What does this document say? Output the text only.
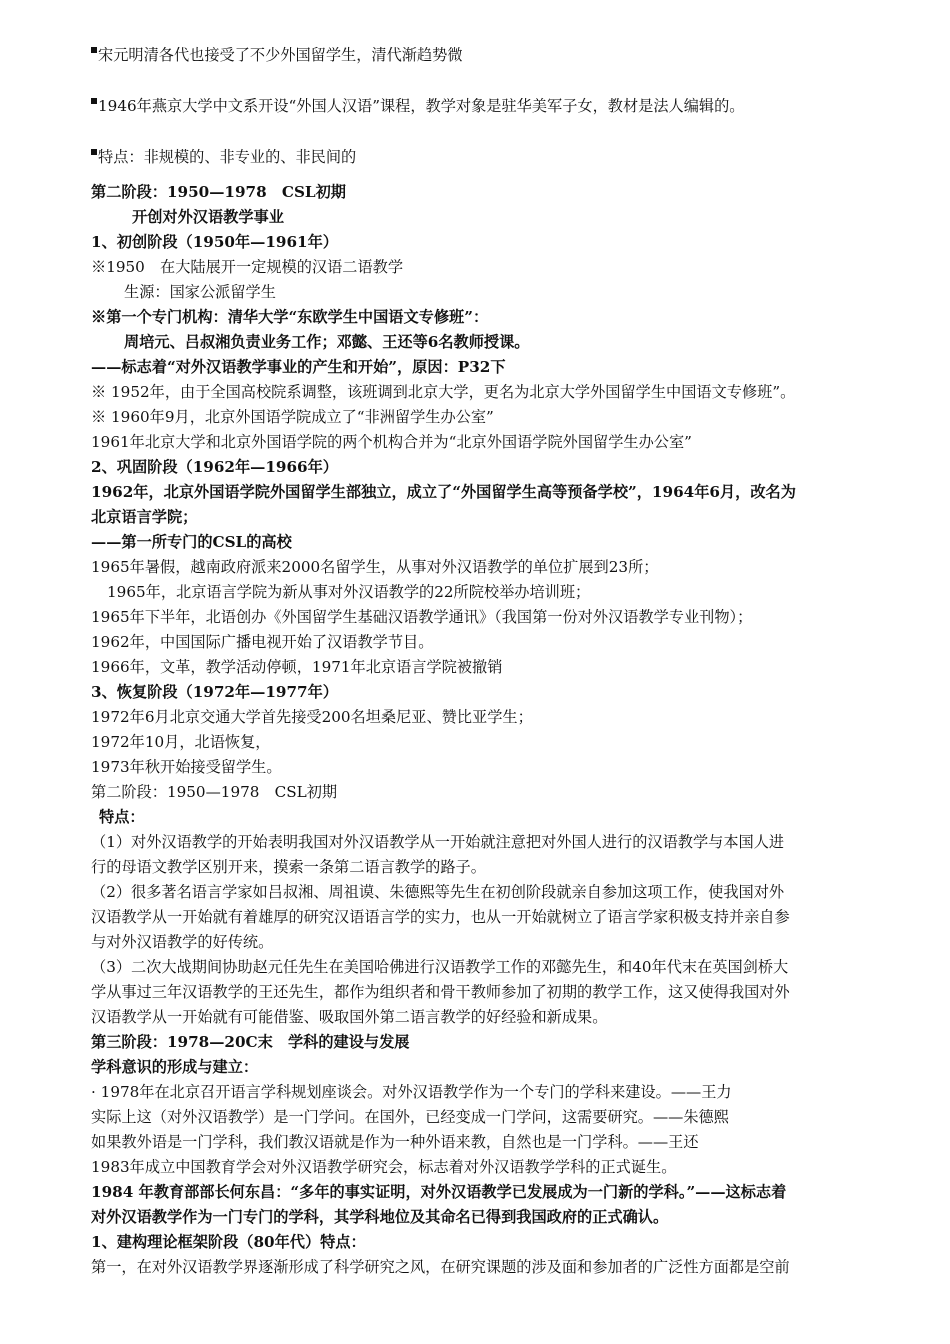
宋元明清各代也接受了不少外国留学生，清代渐趋势微
1946年燕京大学中文系开设“外国人汉语”课程，教学对象是驻华美军子女，教材是法人编辑的。
特点：非规模的、非专业的、非民间的
第二阶段：1950—1978　CSL初期
开创对外汉语教学事业
1、初创阶段（1950年—1961年）
※1950　在大陆展开一定规模的汉语二语教学
生源：国家公派留学生
※第一个专门机构：清华大学“东欧学生中国语文专修班”：
周培元、吕叔湘负责业务工作；邓懿、王还等6名教师授课。
——标志着“对外汉语教学事业的产生和开始”，原因：P32下
※ 1952年，由于全国高校院系调整，该班调到北京大学，更名为北京大学外国留学生中国语文专修班”。
※ 1960年9月，北京外国语学院成立了“非洲留学生办公室”
1961年北京大学和北京外国语学院的两个机构合并为“北京外国语学院外国留学生办公室”
2、巩固阶段（1962年—1966年）
1962年，北京外国语学院外国留学生部独立，成立了“外国留学生高等预备学校”，1964年6月，改名为
北京语言学院；
——第一所专门的CSL的高校
1965年暑假，越南政府派来2000名留学生，从事对外汉语教学的单位扩展到23所；
1965年，北京语言学院为新从事对外汉语教学的22所院校举办培训班；
1965年下半年，北语创办《外国留学生基础汉语教学通讯》（我国第一份对外汉语教学专业刊物）；
1962年，中国国际广播电视开始了汉语教学节目。
1966年，文革，教学活动停顿，1971年北京语言学院被撤销
3、恢复阶段（1972年—1977年）
1972年6月北京交通大学首先接受200名坦桑尼亚、赞比亚学生；
1972年10月，北语恢复，
1973年秋开始接受留学生。
第二阶段：1950—1978　CSL初期
特点：
（1）对外汉语教学的开始表明我国对外汉语教学从一开始就注意把对外国人进行的汉语教学与本国人进
行的母语文教学区别开来，摸索一条第二语言教学的路子。
（2）很多著名语言学家如吕叔湘、周祖谟、朱德熙等先生在初创阶段就亲自参加这项工作，使我国对外
汉语教学从一开始就有着雄厚的研究汉语语言学的实力，也从一开始就树立了语言学家积极支持并亲自参
与对外汉语教学的好传统。
（3）二次大战期间协助赵元任先生在美国哈佛进行汉语教学工作的邓懿先生，和40年代末在英国剑桥大
学从事过三年汉语教学的王还先生，都作为组织者和骨干教师参加了初期的教学工作，这又使得我国对外
汉语教学从一开始就有可能借鉴、吸取国外第二语言教学的好经验和新成果。
第三阶段：1978—20C末　学科的建设与发展
学科意识的形成与建立：
· 1978年在北京召开语言学科规划座谈会。对外汉语教学作为一个专门的学科来建设。——王力
实际上这（对外汉语教学）是一门学问。在国外，已经变成一门学问，这需要研究。——朱德熙
如果教外语是一门学科，我们教汉语就是作为一种外语来教，自然也是一门学科。——王还
1983年成立中国教育学会对外汉语教学研究会，标志着对外汉语教学学科的正式诞生。
1984 年教育部部长何东昌：“多年的事实证明，对外汉语教学已发展成为一门新的学科。”——这标志着
对外汉语教学作为一门专门的学科，其学科地位及其命名已得到我国政府的正式确认。
1、建构理论框架阶段（80年代）特点：
第一，在对外汉语教学界逐渐形成了科学研究之风，在研究课题的涉及面和参加者的广泛性方面都是空前
